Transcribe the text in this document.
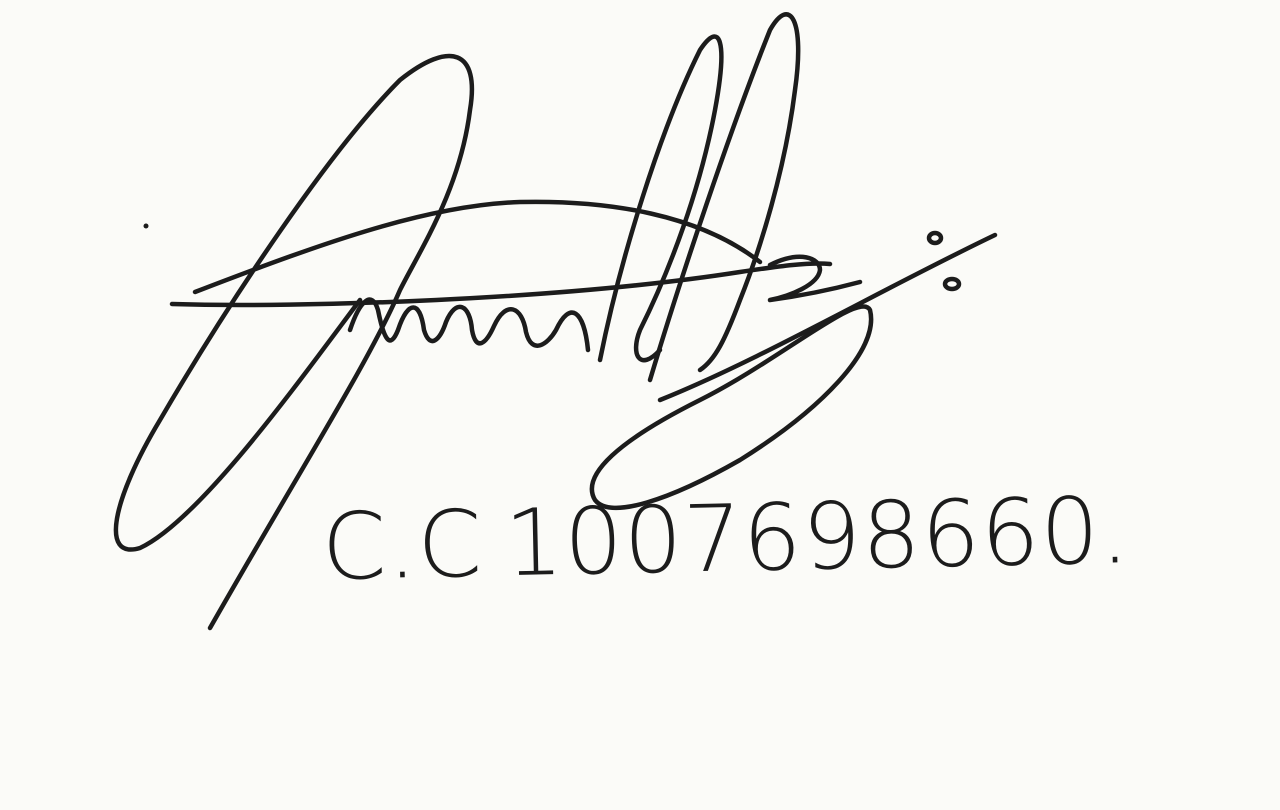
C.C 1007698660.
